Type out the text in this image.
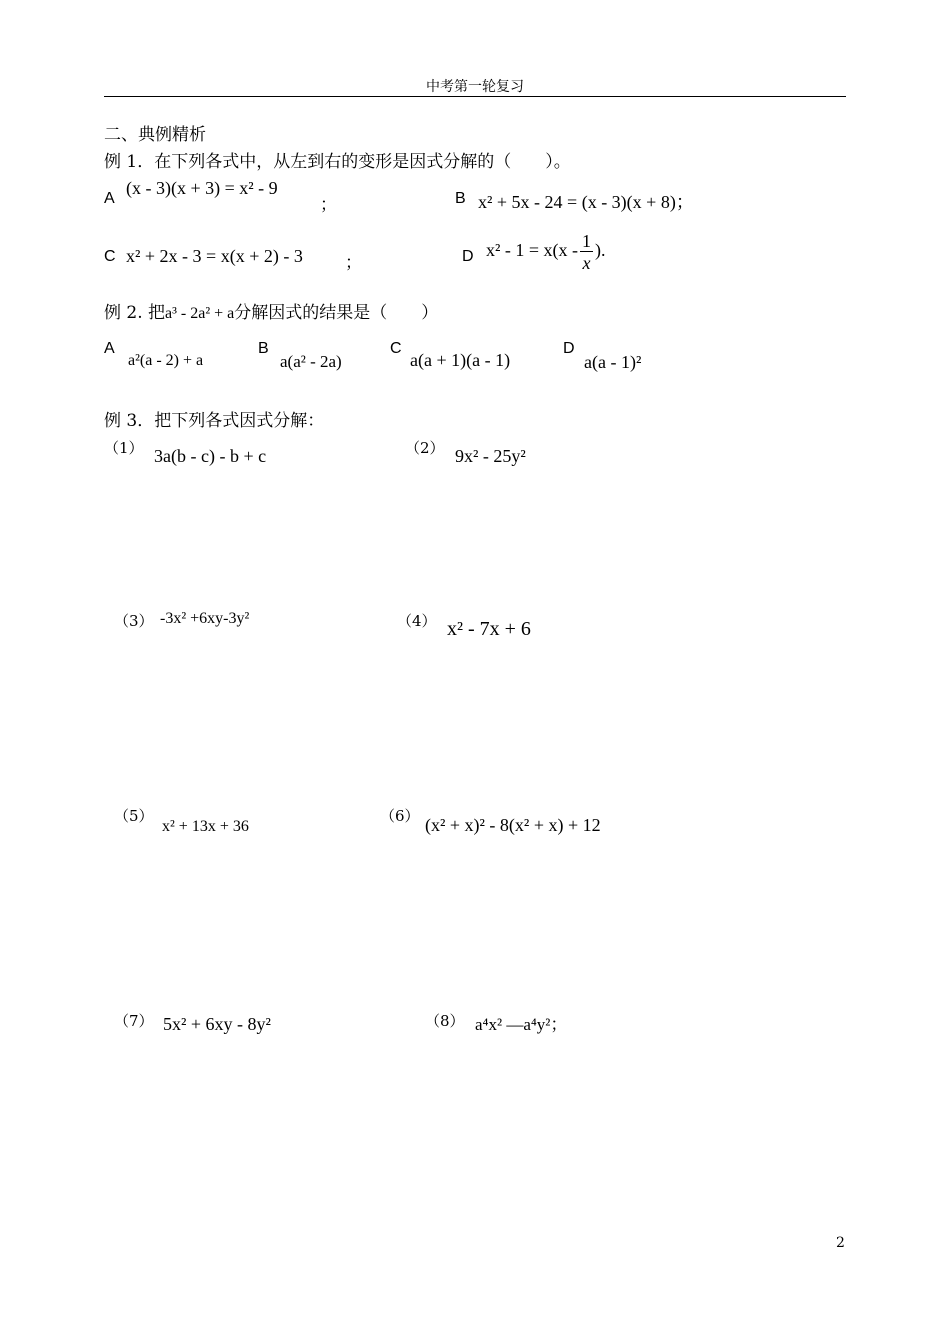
中考第一轮复习
二、典例精析
例 1．在下列各式中，从左到右的变形是因式分解的（　　）。
A
(x - 3)(x + 3) = x² - 9
；	B x² + 5x - 24 = (x - 3)(x + 8)；
C x² + 2x - 3 = x(x + 2) - 3 ；	D $x^2 - 1 = x(x - \frac{1}{x}$ ).
例 2. 把a³ - 2a² + a分解因式的结果是（　　）
A
a²(a - 2) + a
B
a(a² - 2a)
C
a(a + 1)(a - 1)
D
a(a - 1)²
例 3．把下列各式因式分解：
（1） 3a(b - c) - b + c	（2） 9x² - 25y²
（3） -3x² +6xy-3y²	（4） x² - 7x + 6
（5）
x² + 13x + 36
（6） (x² + x)² - 8(x² + x) + 12
（7） 5x² + 6xy - 8y²	（8） a⁴x² —a⁴y²；
2
